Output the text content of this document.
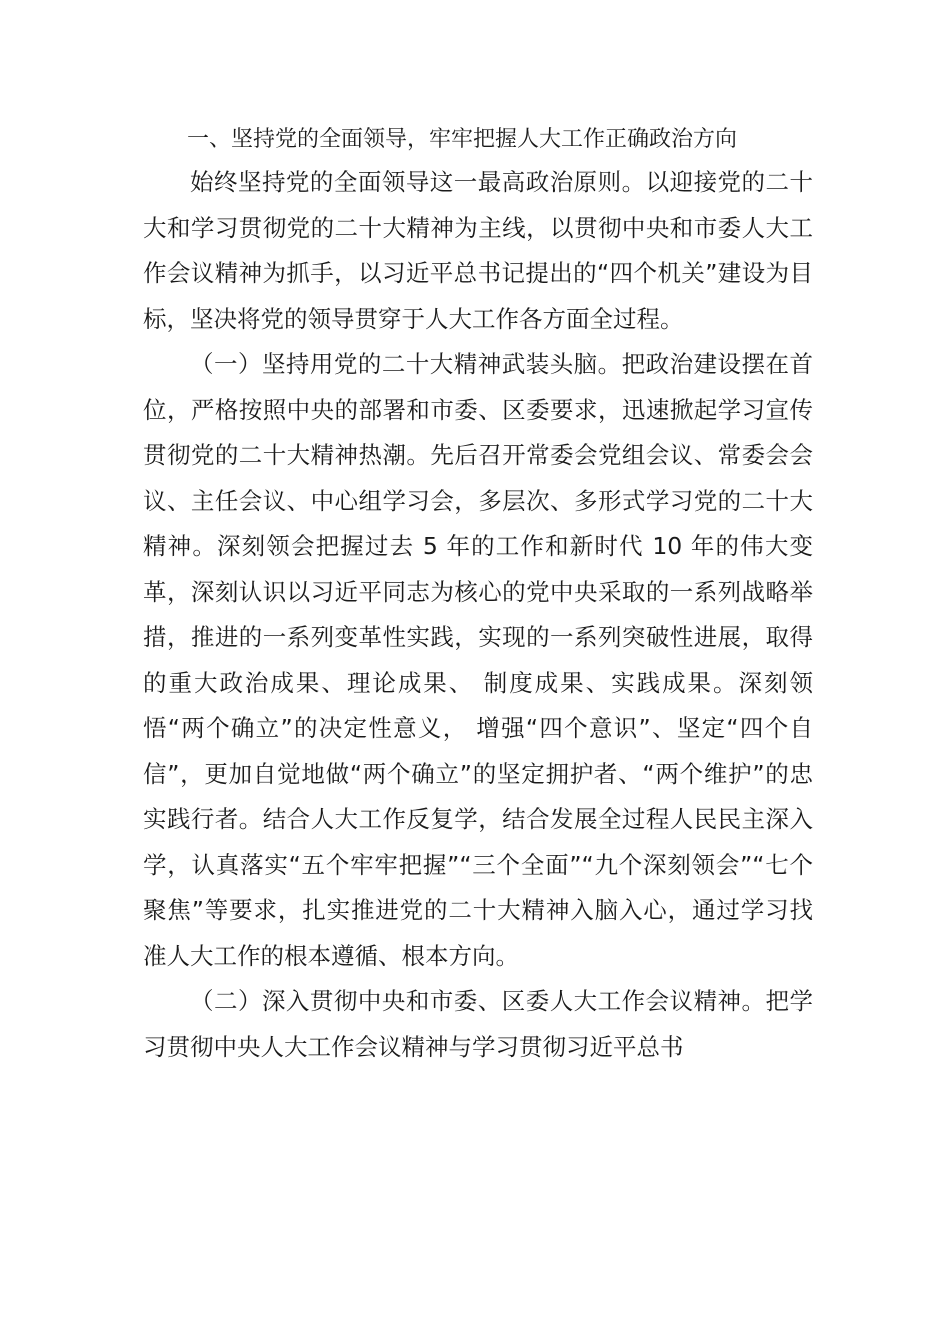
一、坚持党的全面领导，牢牢把握人大工作正确政治方向

始终坚持党的全面领导这一最高政治原则。以迎接党的二十大和学习贯彻党的二十大精神为主线，以贯彻中央和市委人大工作会议精神为抓手，以习近平总书记提出的“四个机关”建设为目标，坚决将党的领导贯穿于人大工作各方面全过程。

（一）坚持用党的二十大精神武装头脑。把政治建设摆在首位，严格按照中央的部署和市委、区委要求，迅速掀起学习宣传贯彻党的二十大精神热潮。先后召开常委会党组会议、常委会会议、主任会议、中心组学习会，多层次、多形式学习党的二十大精神。深刻领会把握过去 5 年的工作和新时代 10 年的伟大变革，深刻认识以习近平同志为核心的党中央采取的一系列战略举措，推进的一系列变革性实践，实现的一系列突破性进展，取得的重大政治成果、理论成果、 制度成果、实践成果。深刻领悟“两个确立”的决定性意义， 增强“四个意识”、坚定“四个自信”，更加自觉地做“两个确立”的坚定拥护者、“两个维护”的忠实践行者。结合人大工作反复学，结合发展全过程人民民主深入学，认真落实“五个牢牢把握”“三个全面”“九个深刻领会”“七个聚焦”等要求，扎实推进党的二十大精神入脑入心，通过学习找准人大工作的根本遵循、根本方向。

（二）深入贯彻中央和市委、区委人大工作会议精神。把学习贯彻中央人大工作会议精神与学习贯彻习近平总书
